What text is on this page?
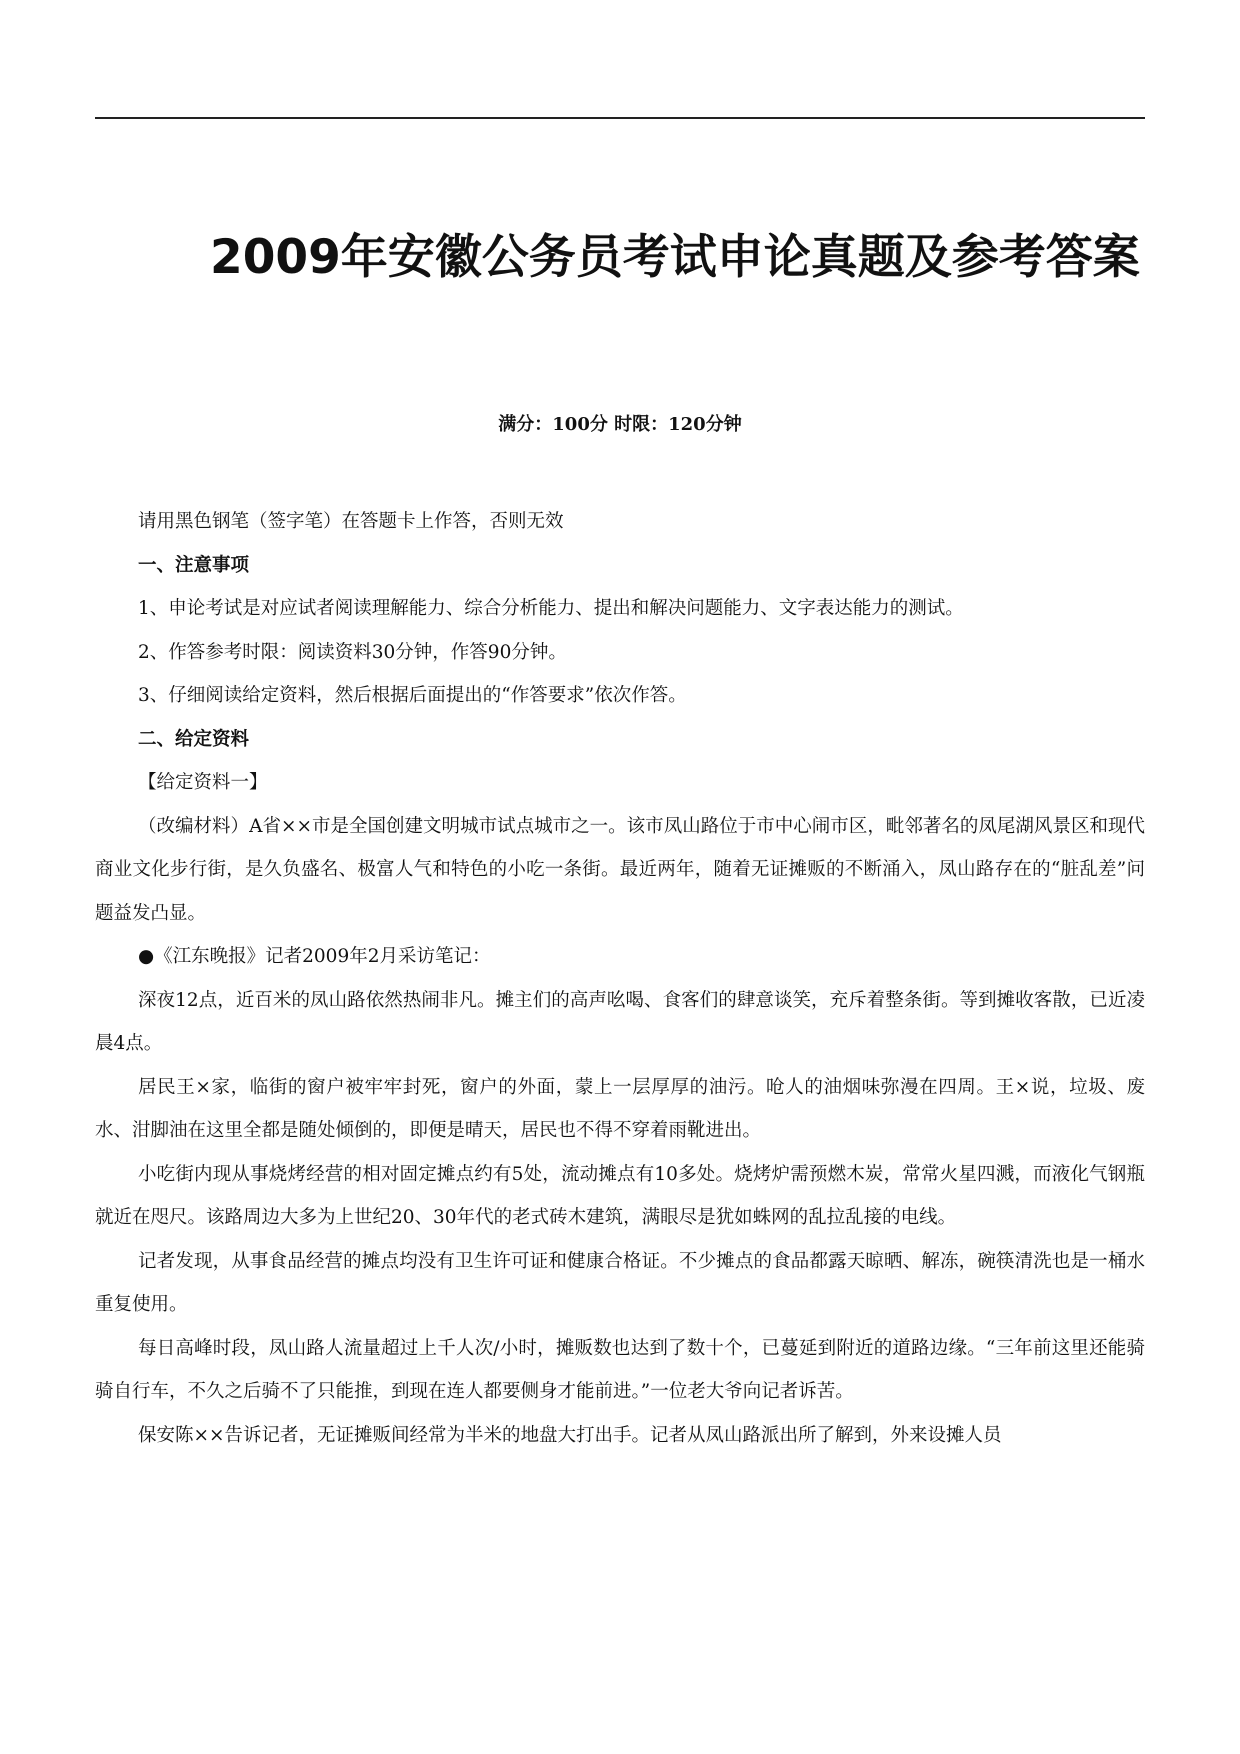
2009年安徽公务员考试申论真题及参考答案
满分：100分 时限：120分钟

请用黑色钢笔（签字笔）在答题卡上作答，否则无效

一、注意事项

1、申论考试是对应试者阅读理解能力、综合分析能力、提出和解决问题能力、文字表达能力的测试。

2、作答参考时限：阅读资料30分钟，作答90分钟。

3、仔细阅读给定资料，然后根据后面提出的“作答要求”依次作答。

二、给定资料

【给定资料一】

（改编材料）A省××市是全国创建文明城市试点城市之一。该市凤山路位于市中心闹市区，毗邻著名的凤尾湖风景区和现代商业文化步行街，是久负盛名、极富人气和特色的小吃一条街。最近两年，随着无证摊贩的不断涌入，凤山路存在的“脏乱差”问题益发凸显。

●《江东晚报》记者2009年2月采访笔记：

深夜12点，近百米的凤山路依然热闹非凡。摊主们的高声吆喝、食客们的肆意谈笑，充斥着整条街。等到摊收客散，已近凌晨4点。

居民王×家，临街的窗户被牢牢封死，窗户的外面，蒙上一层厚厚的油污。呛人的油烟味弥漫在四周。王×说，垃圾、废水、泔脚油在这里全都是随处倾倒的，即便是晴天，居民也不得不穿着雨靴进出。

小吃街内现从事烧烤经营的相对固定摊点约有5处，流动摊点有10多处。烧烤炉需预燃木炭，常常火星四溅，而液化气钢瓶就近在咫尺。该路周边大多为上世纪20、30年代的老式砖木建筑，满眼尽是犹如蛛网的乱拉乱接的电线。

记者发现，从事食品经营的摊点均没有卫生许可证和健康合格证。不少摊点的食品都露天晾晒、解冻，碗筷清洗也是一桶水重复使用。

每日高峰时段，凤山路人流量超过上千人次/小时，摊贩数也达到了数十个，已蔓延到附近的道路边缘。“三年前这里还能骑骑自行车，不久之后骑不了只能推，到现在连人都要侧身才能前进。”一位老大爷向记者诉苦。

保安陈××告诉记者，无证摊贩间经常为半米的地盘大打出手。记者从凤山路派出所了解到，外来设摊人员
